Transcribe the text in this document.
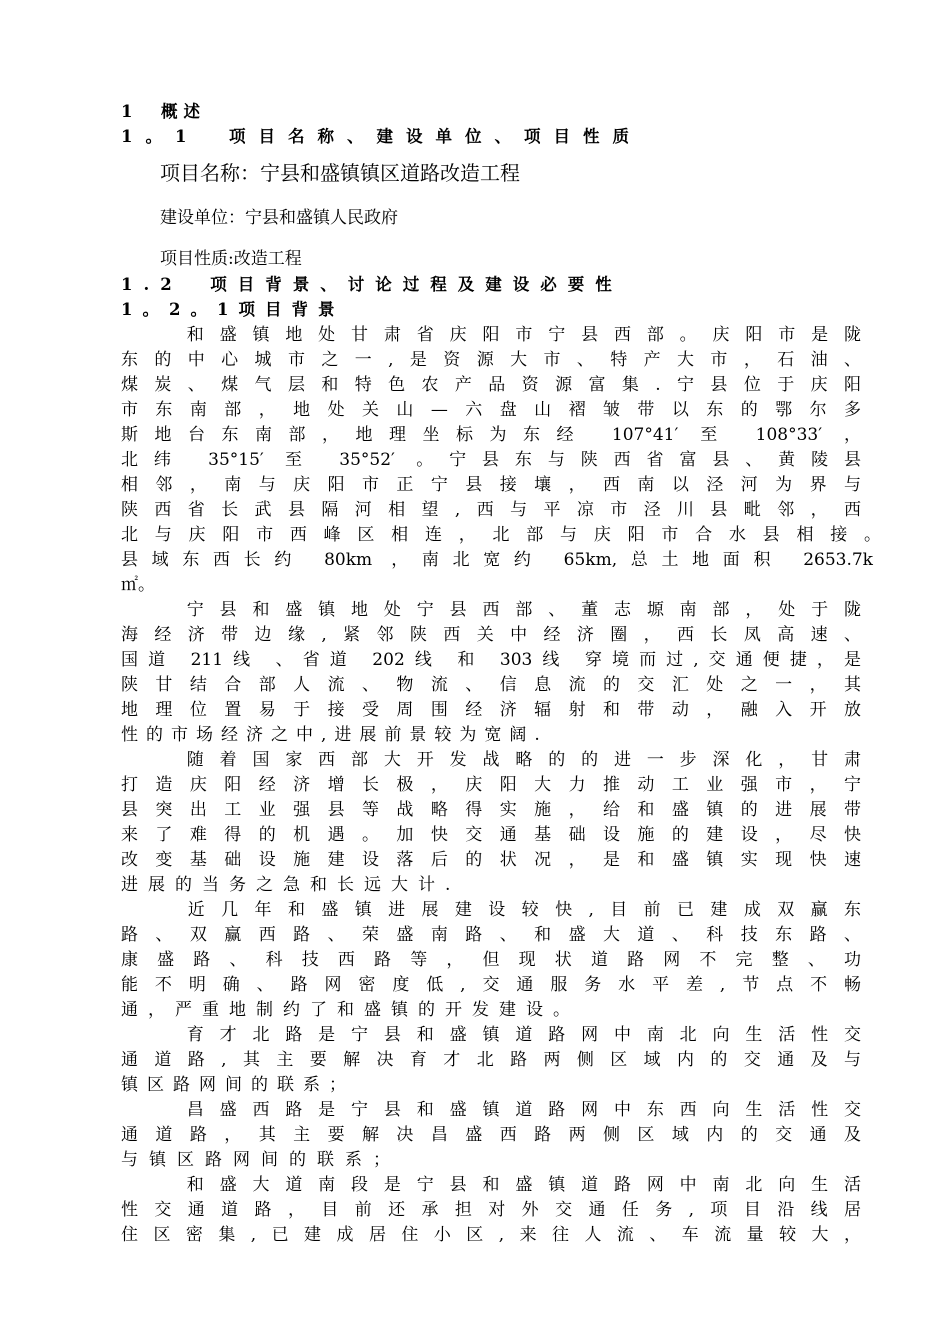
1　概述
1。1　项目名称、建设单位、项目性质
项目名称：宁县和盛镇镇区道路改造工程
建设单位：宁县和盛镇人民政府
项目性质:改造工程
1.2　项目背景、讨论过程及建设必要性
1。2。1项目背景
　　和盛镇地处甘肃省庆阳市宁县西部。庆阳市是陇
东的中心城市之一,是资源大市、特产大市，石油、
煤炭、煤气层和特色农产品资源富集.宁县位于庆阳
市东南部，地处关山—六盘山褶皱带以东的鄂尔多
斯地台东南部，地理坐标为东经 107°41′ 至 108°33′ ，
北纬 35°15′ 至 35°52′ 。宁县东与陕西省富县、黄陵县
相邻，南与庆阳市正宁县接壤，西南以泾河为界与
陕西省长武县隔河相望,西与平凉市泾川县毗邻，西
北与庆阳市西峰区相连，北部与庆阳市合水县相接。
县域东西长约 80km ，南北宽约 65km,总土地面积 2653.7k
㎡。
　　宁县和盛镇地处宁县西部、董志塬南部，处于陇
海经济带边缘,紧邻陕西关中经济圈，西长凤高速、
国道 211线 、省道 202线 和 303线 穿境而过,交通便捷，是
陕甘结合部人流、物流、信息流的交汇处之一，其
地理位置易于接受周围经济辐射和带动，融入开放
性的市场经济之中,进展前景较为宽阔.
　　随着国家西部大开发战略的的进一步深化，甘肃
打造庆阳经济增长极，庆阳大力推动工业强市，宁
县突出工业强县等战略得实施，给和盛镇的进展带
来了难得的机遇。加快交通基础设施的建设，尽快
改变基础设施建设落后的状况，是和盛镇实现快速
进展的当务之急和长远大计.
　　近几年和盛镇进展建设较快,目前已建成双赢东
路、双赢西路、荣盛南路、和盛大道、科技东路、
康盛路、科技西路等，但现状道路网不完整、功
能不明确、路网密度低,交通服务水平差,节点不畅
通，严重地制约了和盛镇的开发建设。
　　育才北路是宁县和盛镇道路网中南北向生活性交
通道路,其主要解决育才北路两侧区域内的交通及与
镇区路网间的联系；
　　昌盛西路是宁县和盛镇道路网中东西向生活性交
通道路，其主要解决昌盛西路两侧区域内的交通及
与镇区路网间的联系；
　　和盛大道南段是宁县和盛镇道路网中南北向生活
性交通道路，目前还承担对外交通任务,项目沿线居
住区密集,已建成居住小区,来往人流、车流量较大，
